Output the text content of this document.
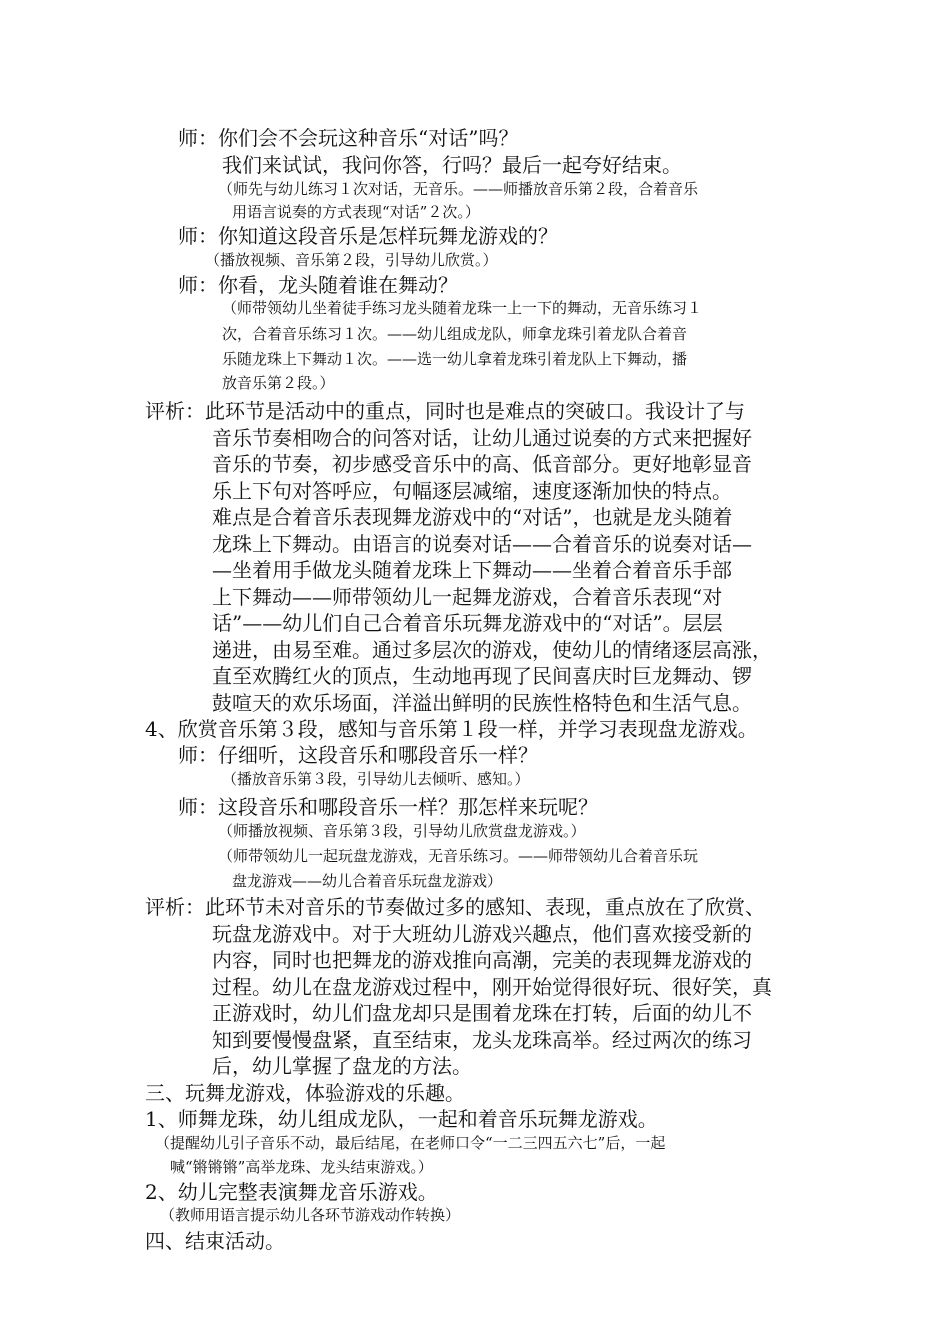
师：你们会不会玩这种音乐“对话”吗？
我们来试试，我问你答，行吗？最后一起夸好结束。
（师先与幼儿练习１次对话，无音乐。——师播放音乐第２段，合着音乐
用语言说奏的方式表现“对话”２次。）
师：你知道这段音乐是怎样玩舞龙游戏的？
（播放视频、音乐第２段，引导幼儿欣赏。）
师：你看，龙头随着谁在舞动？
（师带领幼儿坐着徒手练习龙头随着龙珠一上一下的舞动，无音乐练习１
次，合着音乐练习１次。——幼儿组成龙队，师拿龙珠引着龙队合着音
乐随龙珠上下舞动１次。——选一幼儿拿着龙珠引着龙队上下舞动，播
放音乐第２段。）
评析：此环节是活动中的重点，同时也是难点的突破口。我设计了与
音乐节奏相吻合的问答对话，让幼儿通过说奏的方式来把握好
音乐的节奏，初步感受音乐中的高、低音部分。更好地彰显音
乐上下句对答呼应，句幅逐层减缩，速度逐渐加快的特点。
难点是合着音乐表现舞龙游戏中的“对话”，也就是龙头随着
龙珠上下舞动。由语言的说奏对话——合着音乐的说奏对话—
—坐着用手做龙头随着龙珠上下舞动——坐着合着音乐手部
上下舞动——师带领幼儿一起舞龙游戏，合着音乐表现“对
话”——幼儿们自己合着音乐玩舞龙游戏中的“对话”。层层
递进，由易至难。通过多层次的游戏，使幼儿的情绪逐层高涨，
直至欢腾红火的顶点，生动地再现了民间喜庆时巨龙舞动、锣
鼓喧天的欢乐场面，洋溢出鲜明的民族性格特色和生活气息。
4、欣赏音乐第３段，感知与音乐第１段一样，并学习表现盘龙游戏。
师：仔细听，这段音乐和哪段音乐一样？
（播放音乐第３段，引导幼儿去倾听、感知。）
师：这段音乐和哪段音乐一样？那怎样来玩呢？
（师播放视频、音乐第３段，引导幼儿欣赏盘龙游戏。）
（师带领幼儿一起玩盘龙游戏，无音乐练习。——师带领幼儿合着音乐玩
盘龙游戏——幼儿合着音乐玩盘龙游戏）
评析：此环节未对音乐的节奏做过多的感知、表现，重点放在了欣赏、
玩盘龙游戏中。对于大班幼儿游戏兴趣点，他们喜欢接受新的
内容，同时也把舞龙的游戏推向高潮，完美的表现舞龙游戏的
过程。幼儿在盘龙游戏过程中，刚开始觉得很好玩、很好笑，真
正游戏时，幼儿们盘龙却只是围着龙珠在打转，后面的幼儿不
知到要慢慢盘紧，直至结束，龙头龙珠高举。经过两次的练习
后，幼儿掌握了盘龙的方法。
三、玩舞龙游戏，体验游戏的乐趣。
1、师舞龙珠，幼儿组成龙队，一起和着音乐玩舞龙游戏。
（提醒幼儿引子音乐不动，最后结尾，在老师口令“一二三四五六七”后，一起
喊“锵锵锵”高举龙珠、龙头结束游戏。）
2、幼儿完整表演舞龙音乐游戏。
（教师用语言提示幼儿各环节游戏动作转换）
四、结束活动。
